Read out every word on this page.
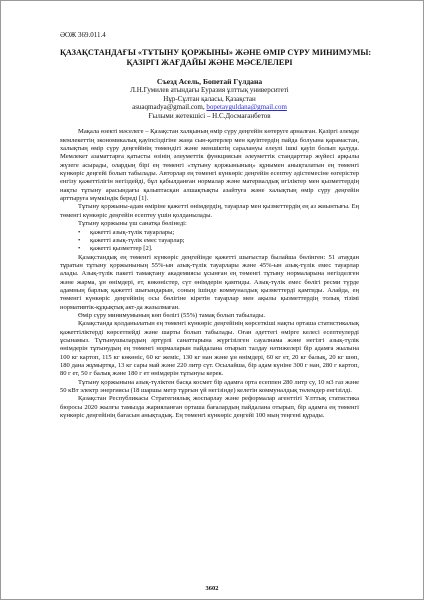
ӘОЖ 369.011.4
ҚАЗАҚСТАНДАҒЫ «ТҰТЫНУ ҚОРЖЫНЫ» ЖӘНЕ ӨМІР СҮРУ МИНИМУМЫ:
ҚАЗІРГІ ЖАҒДАЙЫ ЖӘНЕ МӘСЕЛЕЛЕРІ
Съезд Асель, Бопетай Гүлдана
Л.Н.Гумилев атындағы Еуразия ұлттық университеті
Нұр-Сұлтан қаласы, Қазақстан
asuaqmadya@gmail.com, bopetayguldana@gmail.com
Ғылыми жетекшісі – Н.С.Досмағанбетов

Мақала өзекті мәселеге – Қазақстан халқының өмір сүру деңгейін көтеруге арналған. Қазіргі әлемде мемлекеттің экономикалық қауіпсіздігіне жаңа сын-қатерлер мен қауіптердің пайда болуына қарамастан, халықтың өмір сүру деңгейінің төмендігі және меншіктің саралануы елеулі ішкі қауіп болып қалуда. Мемлекет азаматтарға қатысты өзінің әлеуметтік функциясын әлеуметтік стандарттар жүйесі арқылы жүзеге асырады, олардың бірі ең төменгі «тұтыну қоржынының» құнымен анықталатын ең төменгі күнкөріс деңгейі болып табылады. Авторлар ең төменгі күнкөріс деңгейін есептеу әдістемесіне өзгерістер енгізу қажеттілігін негіздейді, бұл қабылданған нормалар және материалдық игіліктер мен қызметтердің нақты тұтыну арасындағы қалыптасқан алшақтықты азайтуға және халықтың өмір сүру деңгейін арттыруға мүмкіндік береді [1].

Тұтыну қоржыны-адам өміріне қажетті өнімдердің, тауарлар мен қызметтердің ең аз жиынтығы. Ең төменгі күнкөріс деңгейін есептеу үшін қолданылады.

Тұтыну қоржыны үш санатқа бөлінеді:

• қажетті азық-түлік тауарлары;
• қажетті азық-түлік емес тауарлар;
• қажетті қызметтер [2].

Қазақстандық ең төменгі күнкөріс деңгейінде қажетті шығыстар былайша бөлінген: 51 атаудан тұратын тұтыну қоржынының 55%-ын азық-түлік тауарлары және 45%-ын азық-түлік емес тауарлар алады. Азық-түлік пакеті тамақтану академиясы ұсынған ең төменгі тұтыну нормаларына негізделген және жарма, ұн өнімдері, ет, көкөністер, сүт өнімдерін қамтиды. Азық-түлік емес бөлігі ресми түрде адамның барлық қажетті шығындарын, соның ішінде коммуналдық қызметтерді қамтиды. Алайда, ең төменгі күнкөріс деңгейінің осы бөлігіне кіретін тауарлар мен ақылы қызметтердің толық тізімі нормативтік-құқықтық акт-да жазылмаған.

Өмір сүру минимумының көп бөлігі (55%) тамақ болып табылады.

Қазақстанда қолданылатын ең төменгі күнкөріс деңгейінің көрсеткіші нақты орташа статистикалық қажеттіліктерді көрсетпейді және шарты болып табылады. Оған әдеттегі өмірге келесі есептеулерді ұсынамыз. Тұтынушылардың әртүрлі санаттарына жүргізілген сауалнама және негізгі азық-түлік өнімдерін тұтынудың ең төменгі нормаларын пайдалана отырып талдау нәтижелері бір адамға жылына 100 кг картоп, 115 кг көкөніс, 60 кг жеміс, 130 кг нан және ұн өнімдері, 60 кг ет, 20 кг балық, 20 кг шөп, 180 дана жұмыртқа, 13 кг сары май және 220 литр сүт. Осылайша, бір адам күніне 300 г нан, 280 г картоп, 80 г ет, 50 г балық және 180 г ет өнімдерін тұтынуы керек.

Тұтыну қоржынына азық-түліктен басқа космет бір адамға орта есеппен 280 литр су, 10 м3 газ және 50 кВт электр энергиясы (18 шаршы метр тұрғын үй негізінде) келетін коммуналдық төлемдер енгізілді.

Қазақстан Республикасы Стратегиялық жоспарлау және реформалар агенттігі Ұлттық статистика бюросы 2020 жылғы тамызда жарияланған орташа бағалардың пайдалана отырып, бір адамға ең төменгі күнкөріс деңгейінің бағасын анықтадық. Ең төменгі күнкөріс деңгейі 100 мың теңгені құрады.

3602
